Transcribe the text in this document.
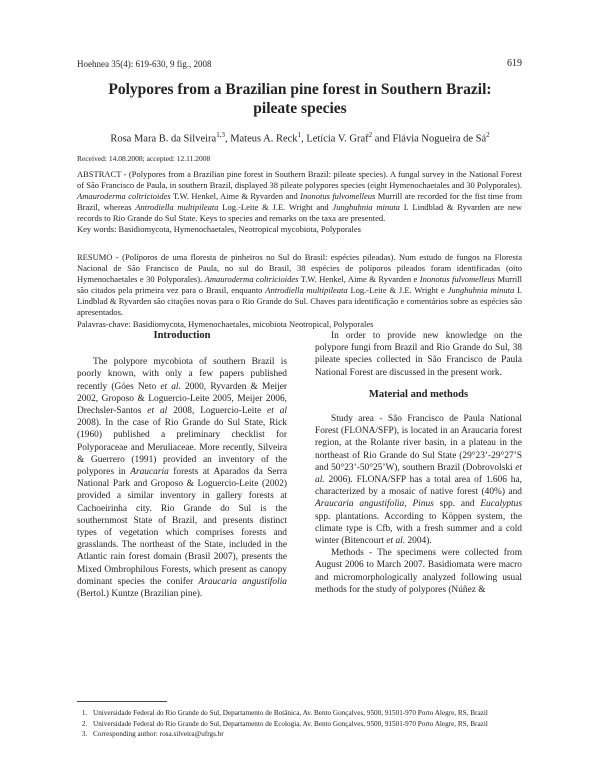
Hoehnea 35(4): 619-630, 9 fig., 2008	619
Polypores from a Brazilian pine forest in Southern Brazil:
pileate species
Rosa Mara B. da Silveira$^{1,3}$, Mateus A. Reck$^1$, Letícia V. Graf$^2$ and Flávia Nogueira de $Sá^2$
Received: 14.08.2008; accepted: 12.11.2008

ABSTRACT - (Polypores from a Brazilian pine forest in Southern Brazil: pileate species). A fungal survey in the National Forest of São Francisco de Paula, in southern Brazil, displayed 38 pileate polypores species (eight Hymenochaetales and 30 Polyporales). Amauroderma coltricioides T.W. Henkel, Aime & Ryvarden and Inonotus fulvomelleus Murrill are recorded for the fist time from Brazil, whereas Antrodiella multipileata Log.-Leite & J.E. Wright and Junghuhnia minuta I. Lindblad & Ryvarden are new records to Rio Grande do Sul State. Keys to species and remarks on the taxa are presented.

Key words: Basidiomycota, Hymenochaetales, Neotropical mycobiota, Polyporales

RESUMO - (Políporos de uma floresta de pinheiros no Sul do Brasil: espécies pileadas). Num estudo de fungos na Floresta Nacional de São Francisco de Paula, no sul do Brasil, 38 espécies de políporos pileados foram identificadas (oito Hymenochaetales e 30 Polyporales). Amauroderma coltricioides T.W. Henkel, Aime & Ryvarden e Inonotus fulvomelleus Murrill são citados pela primeira vez para o Brasil, enquanto Antrodiella multipileata Log.-Leite & J.E. Wright e Junghuhnia minuta I. Lindblad & Ryvarden são citações novas para o Rio Grande do Sul. Chaves para identificação e comentários sobre as espécies são apresentados.

Palavras-chave: Basidiomycota, Hymenochaetales, micobiota Neotropical, Polyporales

Introduction

The polypore mycobiota of southern Brazil is poorly known, with only a few papers published recently (Góes Neto et al. 2000, Ryvarden & Meijer 2002, Groposo & Loguercio-Leite 2005, Meijer 2006, Drechsler-Santos et al 2008, Loguercio-Leite et al 2008). In the case of Rio Grande do Sul State, Rick (1960) published a preliminary checklist for Polyporaceae and Meruliaceae. More recently, Silveira & Guerrero (1991) provided an inventory of the polypores in Araucaria forests at Aparados da Serra National Park and Groposo & Loguercio-Leite (2002) provided a similar inventory in gallery forests at Cachoeirinha city. Rio Grande do Sul is the southernmost State of Brazil, and presents distinct types of vegetation which comprises forests and grasslands. The northeast of the State, included in the Atlantic rain forest domain (Brasil 2007), presents the Mixed Ombrophilous Forests, which present as canopy dominant species the conifer Araucaria angustifolia (Bertol.) Kuntze (Brazilian pine).

In order to provide new knowledge on the polypore fungi from Brazil and Rio Grande do Sul, 38 pileate species collected in São Francisco de Paula National Forest are discussed in the present work.

Material and methods

Study area - São Francisco de Paula National Forest (FLONA/SFP), is located in an Araucaria forest region, at the Rolante river basin, in a plateau in the northeast of Rio Grande do Sul State (29°23’-29°27’S and 50°23’-50°25’W), southern Brazil (Dobrovolski et al. 2006). FLONA/SFP has a total area of 1.606 ha, characterized by a mosaic of native forest (40%) and Araucaria angustifolia, Pinus spp. and Eucalyptus spp. plantations. According to Köppen system, the climate type is Cfb, with a fresh summer and a cold winter (Bitencourt et al. 2004).

Methods - The specimens were collected from August 2006 to March 2007. Basidiomata were macro and micromorphologically analyzed following usual methods for the study of polypores (Núñez &

1. Universidade Federal do Rio Grande do Sul, Departamento de Botânica, Av. Bento Gonçalves, 9500, 91501-970 Porto Alegre, RS, Brazil
2. Universidade Federal do Rio Grande do Sul, Departamento de Ecologia, Av. Bento Gonçalves, 9500, 91501-970 Porto Alegre, RS, Brazil
3. Corresponding author: rosa.silveira@ufrgs.br
